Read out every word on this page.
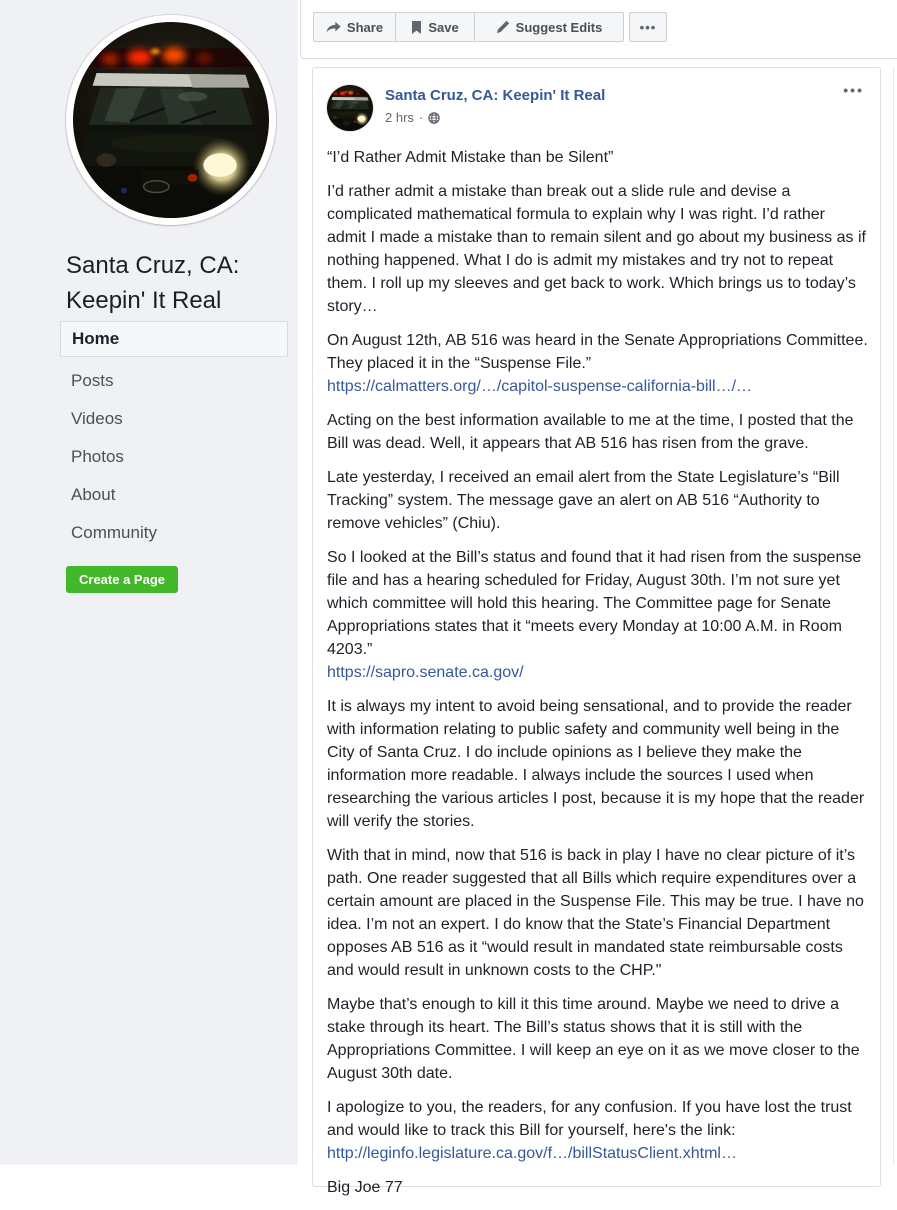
Santa Cruz, CA:
Keepin' It Real
Home
Posts
Videos
Photos
About
Community
Create a Page
Share	Save	Suggest Edits	•••
Santa Cruz, CA: Keepin' It Real
2 hrs ·
•••

“I’d Rather Admit Mistake than be Silent”

I’d rather admit a mistake than break out a slide rule and devise a complicated mathematical formula to explain why I was right. I’d rather admit I made a mistake than to remain silent and go about my business as if nothing happened. What I do is admit my mistakes and try not to repeat them. I roll up my sleeves and get back to work. Which brings us to today’s story…

On August 12th, AB 516 was heard in the Senate Appropriations Committee. They placed it in the “Suspense File.”
https://calmatters.org/…/capitol-suspense-california-bill…/…

Acting on the best information available to me at the time, I posted that the Bill was dead. Well, it appears that AB 516 has risen from the grave.

Late yesterday, I received an email alert from the State Legislature’s “Bill Tracking” system. The message gave an alert on AB 516 “Authority to remove vehicles” (Chiu).

So I looked at the Bill’s status and found that it had risen from the suspense file and has a hearing scheduled for Friday, August 30th. I’m not sure yet which committee will hold this hearing. The Committee page for Senate Appropriations states that it “meets every Monday at 10:00 A.M. in Room 4203.”
https://sapro.senate.ca.gov/

It is always my intent to avoid being sensational, and to provide the reader with information relating to public safety and community well being in the City of Santa Cruz. I do include opinions as I believe they make the information more readable. I always include the sources I used when researching the various articles I post, because it is my hope that the reader will verify the stories.

With that in mind, now that 516 is back in play I have no clear picture of it’s path. One reader suggested that all Bills which require expenditures over a certain amount are placed in the Suspense File. This may be true. I have no idea. I’m not an expert. I do know that the State’s Financial Department opposes AB 516 as it “would result in mandated state reimbursable costs and would result in unknown costs to the CHP."

Maybe that’s enough to kill it this time around. Maybe we need to drive a stake through its heart. The Bill’s status shows that it is still with the Appropriations Committee. I will keep an eye on it as we move closer to the August 30th date.

I apologize to you, the readers, for any confusion. If you have lost the trust and would like to track this Bill for yourself, here's the link:
http://leginfo.legislature.ca.gov/f…/billStatusClient.xhtml…

Big Joe 77
